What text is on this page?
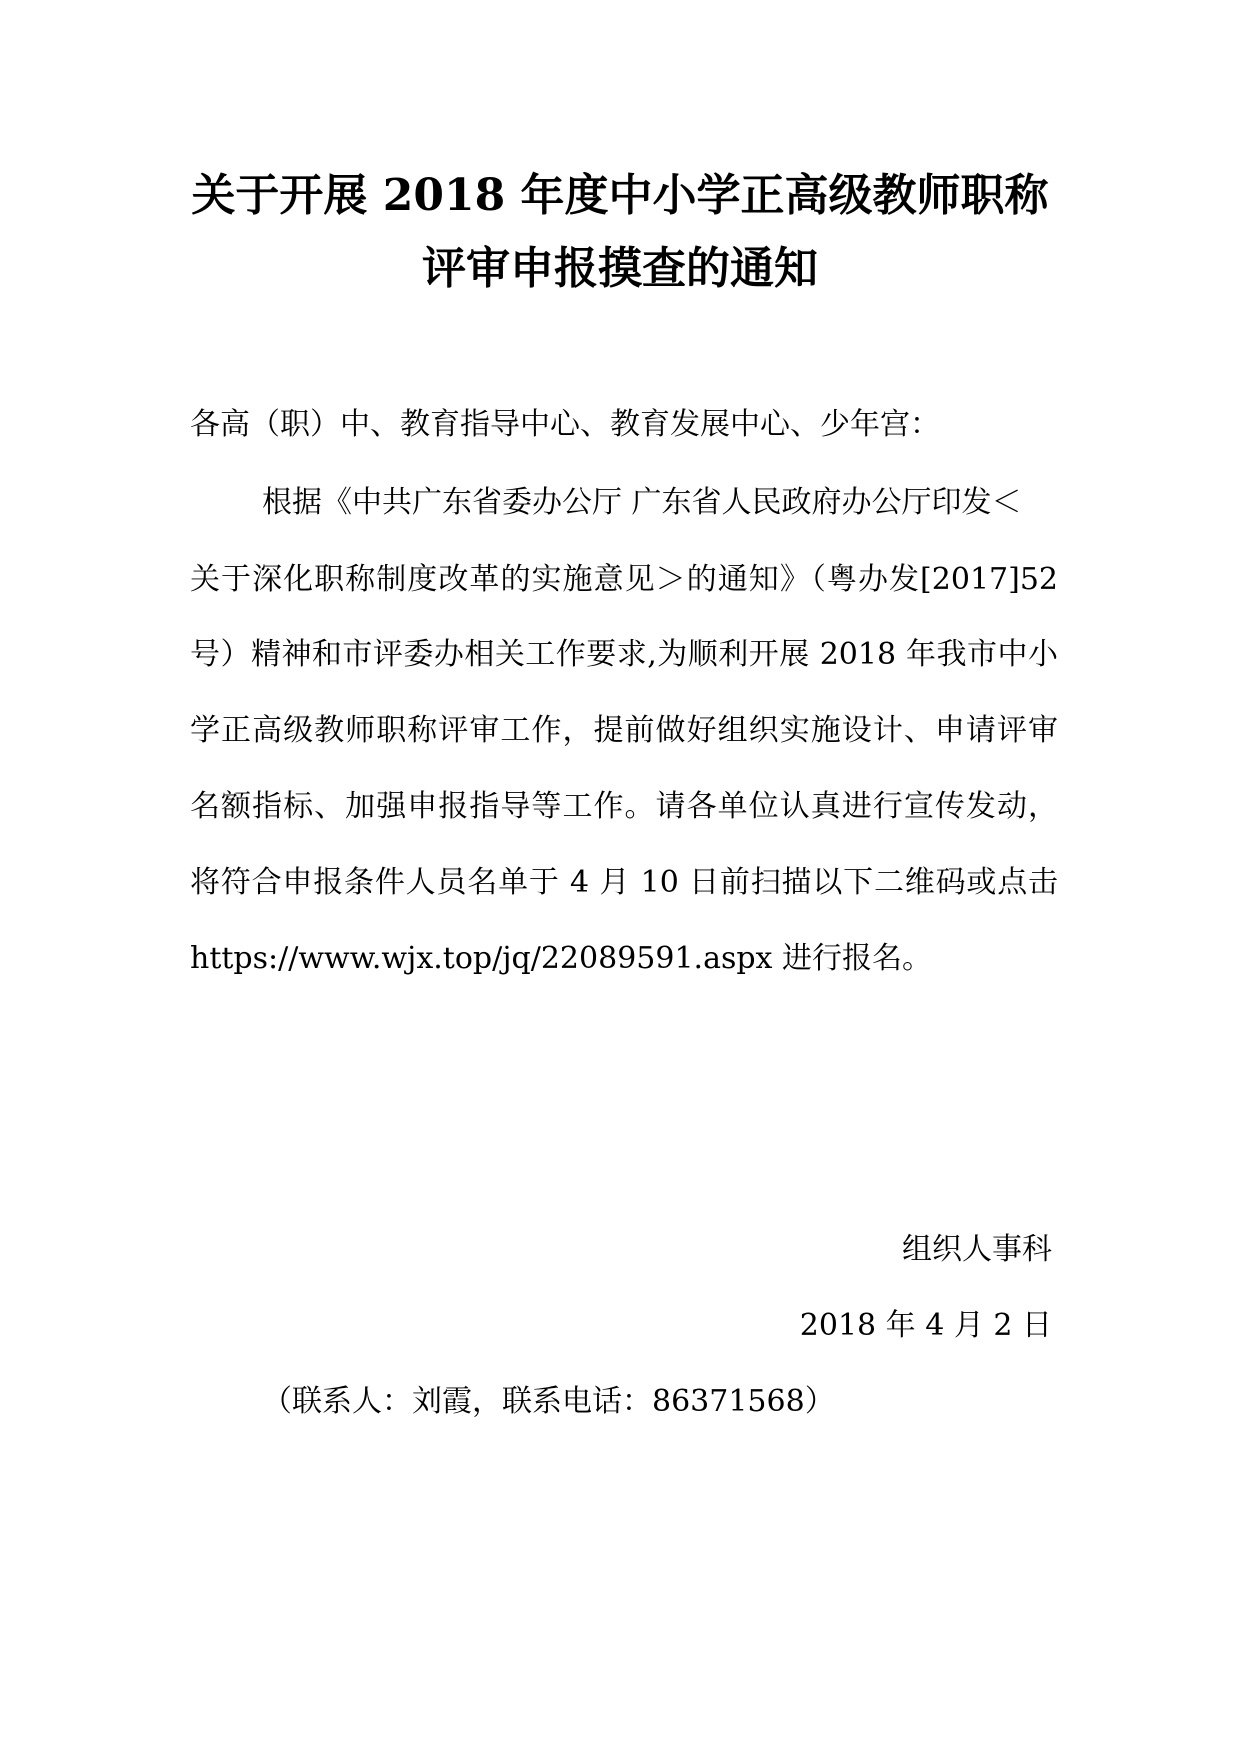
关于开展 2018 年度中小学正高级教师职称
评审申报摸查的通知
各高（职）中、教育指导中心、教育发展中心、少年宫：
根据《中共广东省委办公厅 广东省人民政府办公厅印发＜
关于深化职称制度改革的实施意见＞的通知》（粤办发[2017]52
号）精神和市评委办相关工作要求,为顺利开展 2018 年我市中小
学正高级教师职称评审工作，提前做好组织实施设计、申请评审
名额指标、加强申报指导等工作。请各单位认真进行宣传发动，
将符合申报条件人员名单于 4 月 10 日前扫描以下二维码或点击
https://www.wjx.top/jq/22089591.aspx 进行报名。
组织人事科
2018 年 4 月 2 日
（联系人：刘霞，联系电话：86371568）
